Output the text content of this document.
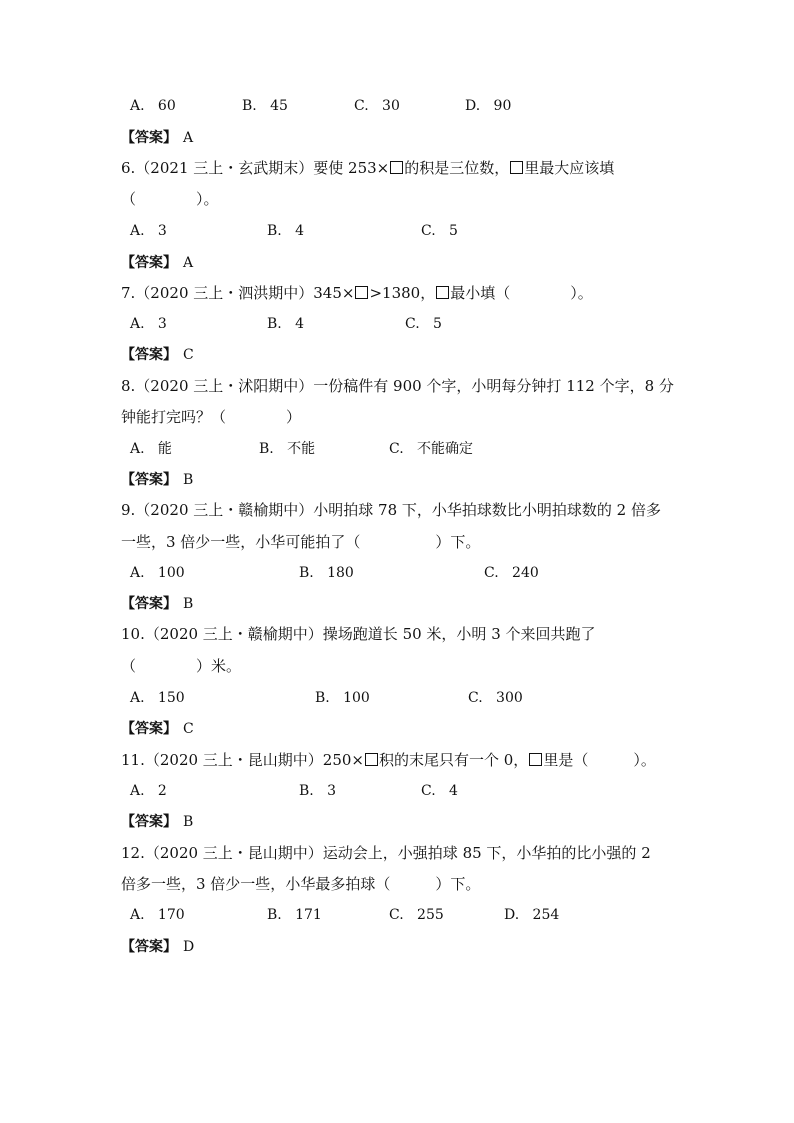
A. 60	B. 45	C. 30	D. 90
【答案】 A
6.（2021 三上・玄武期末）要使 253× 的积是三位数， 里最大应该填
（　　　　）。
A. 3	B. 4	C. 5
【答案】 A
7.（2020 三上・泗洪期中）345× >1380， 最小填（　　　　）。
A. 3	B. 4	C. 5
【答案】 C
8.（2020 三上・沭阳期中）一份稿件有 900 个字，小明每分钟打 112 个字，8 分
钟能打完吗？（　　　　）
A. 能	B. 不能	C. 不能确定
【答案】 B
9.（2020 三上・赣榆期中）小明拍球 78 下，小华拍球数比小明拍球数的 2 倍多
一些，3 倍少一些，小华可能拍了（　　　　　）下。
A. 100	B. 180	C. 240
【答案】 B
10.（2020 三上・赣榆期中）操场跑道长 50 米，小明 3 个来回共跑了
（　　　　）米。
A. 150	B. 100	C. 300
【答案】 C
11.（2020 三上・昆山期中）250× 积的末尾只有一个 0， 里是（　　　）。
A. 2	B. 3	C. 4
【答案】 B
12.（2020 三上・昆山期中）运动会上，小强拍球 85 下，小华拍的比小强的 2
倍多一些，3 倍少一些，小华最多拍球（　　　）下。
A. 170	B. 171	C. 255	D. 254
【答案】 D
